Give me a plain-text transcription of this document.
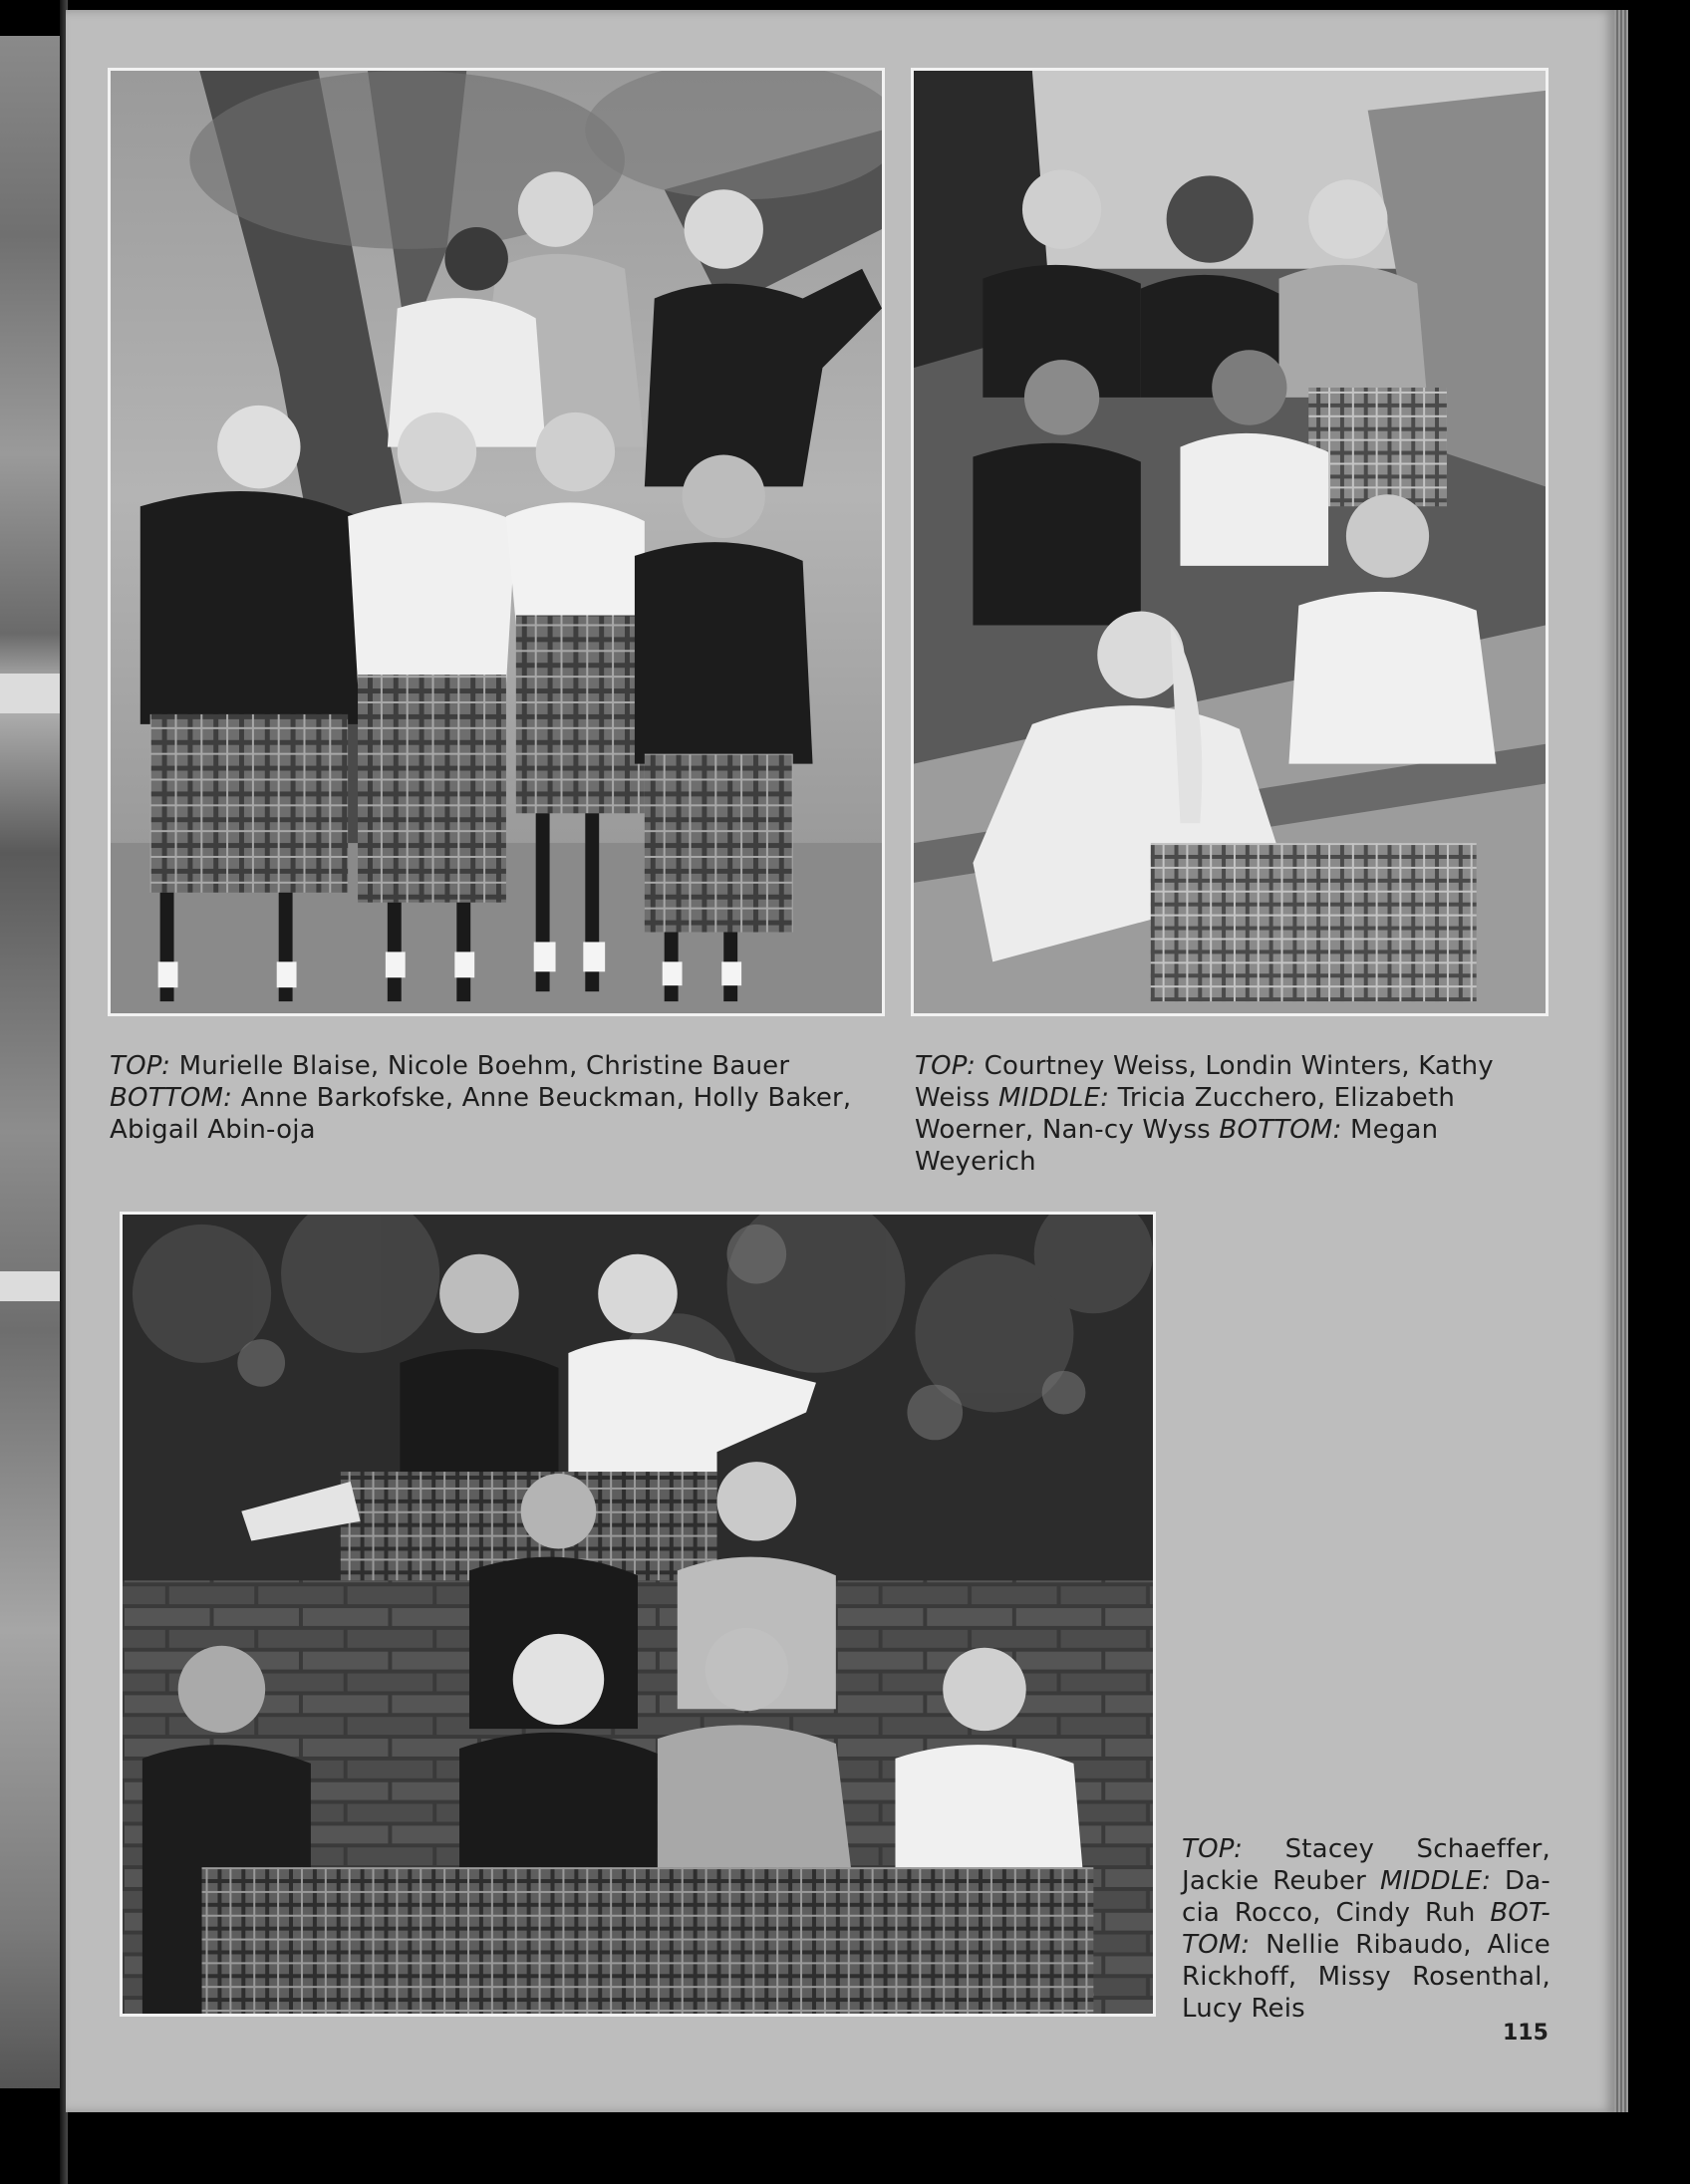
TOP: Murielle Blaise, Nicole Boehm, Christine Bauer BOTTOM: Anne Barkofske, Anne Beuckman, Holly Baker, Abigail Abin-oja
TOP: Courtney Weiss, Londin Winters, Kathy Weiss MIDDLE: Tricia Zucchero, Elizabeth Woerner, Nan-cy Wyss BOTTOM: Megan Weyerich
TOP: Stacey Schaeffer, Jackie Reuber MIDDLE: Da-cia Rocco, Cindy Ruh BOT-TOM: Nellie Ribaudo, Alice Rickhoff, Missy Rosenthal, Lucy Reis
115
